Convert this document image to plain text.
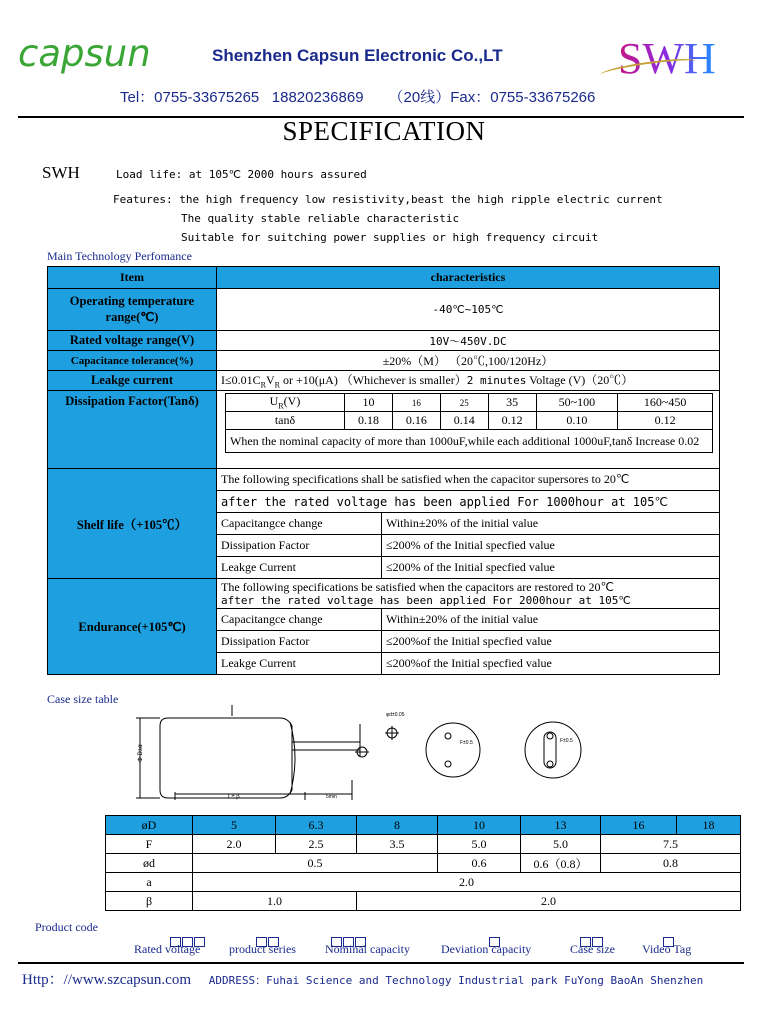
capsun	Shenzhen Capsun Electronic Co.,LT	SWH
Tel：0755-33675265   18820236869      （20线）Fax：0755-33675266
SPECIFICATION
SWH	Load life: at 105℃ 2000 hours assured
Features: the high frequency low resistivity,beast the high ripple electric current
The quality stable reliable characteristic
Suitable for suitching power supplies or high frequency circuit
Main Technology Perfomance
Item	characteristics
Operating temperature range(℃)	-40℃~105℃
Rated voltage range(V)	10V～450V.DC
Capacitance tolerance(%)	±20%（M） （20℃,100/120Hz）
Leakge current	$I\le 0.01C_RV_R$ or +10(μA) （Whichever is smaller）2 minutes Voltage (V)（20℃）
Dissipation Factor(Tanδ)		$U_R(V)$	10	16	25	35	50~100	160~450
tanδ	0.18	0.16	0.14	0.12	0.10	0.12
When the nominal capacity of more than 1000uF,while each additional 1000uF,tanδ Increase 0.02

Shelf life（+105℃）	The following specifications shall be satisfied when the capacitor supersores to 20℃
after the rated voltage has been applied For 1000hour at 105℃
Capacitangce change	Within±20% of the initial value
Dissipation Factor	≤200% of the Initial specfied value
Leakge Current	≤200% of the Initial specfied value
Endurance(+105℃)	
The following specifications be satisfied when the capacitors are restored to 20℃
after the rated voltage has been applied For 2000hour at 105℃

Capacitangce change	Within±20% of the initial value
Dissipation Factor	≤200%of the Initial specfied value
Leakge Current	≤200%of the Initial specfied value
Case size table
Φ D±α
L± β	5min
φd±0.05
F±0.5	F±0.5
øD	5	6.3	8	10	13	16	18
F	2.0	2.5	3.5	5.0	5.0	7.5	
ød	0.5			0.6	0.6（0.8）	0.8	
a	2.0						
β	1.0		2.0				
Product code
Rated voltage product series Nominal capacity	Deviation capacity	Case size Video Tag
Http：//www.szcapsun.com ADDRESS：Fuhai Science and Technology Industrial park FuYong BaoAn Shenzhen
